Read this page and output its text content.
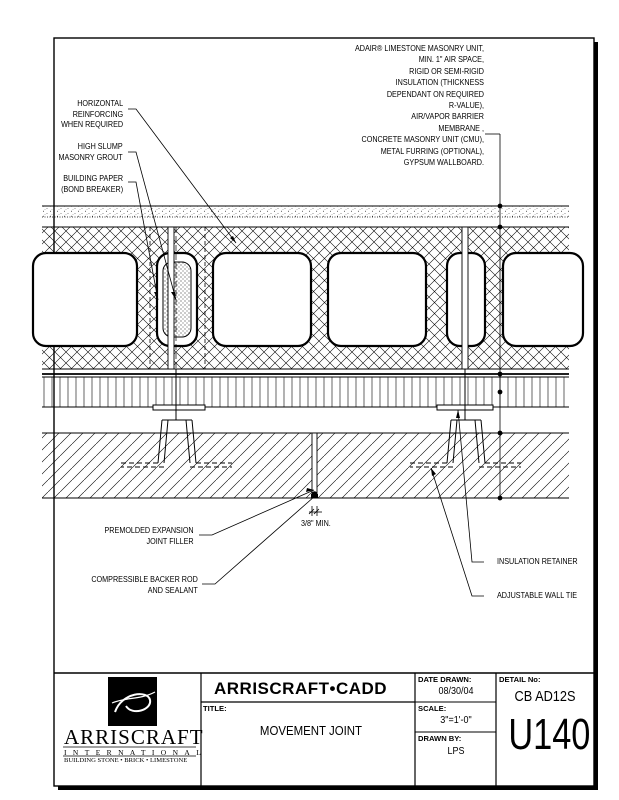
ADAIR® LIMESTONE MASONRY UNIT,
MIN. 1" AIR SPACE,
RIGID OR SEMI-RIGID
INSULATION (THICKNESS
DEPENDANT ON REQUIRED
R-VALUE),
AIR/VAPOR BARRIER
MEMBRANE ,
CONCRETE MASONRY UNIT (CMU),
METAL FURRING (OPTIONAL),
GYPSUM WALLBOARD.
HORIZONTAL
REINFORCING
WHEN REQUIRED
HIGH SLUMP
MASONRY GROUT
BUILDING PAPER
(BOND BREAKER)
PREMOLDED EXPANSION
JOINT FILLER
COMPRESSIBLE BACKER ROD
AND SEALANT
3/8" MIN.
INSULATION RETAINER
ADJUSTABLE WALL TIE
ARRISCRAFT
INTERNATIONAL
BUILDING STONE • BRICK • LIMESTONE
ARRISCRAFT•CADD
TITLE:
MOVEMENT JOINT
DATE DRAWN:
08/30/04
SCALE:
3"=1'-0"
DRAWN BY:
LPS
DETAIL No:
CB AD12S
U140
